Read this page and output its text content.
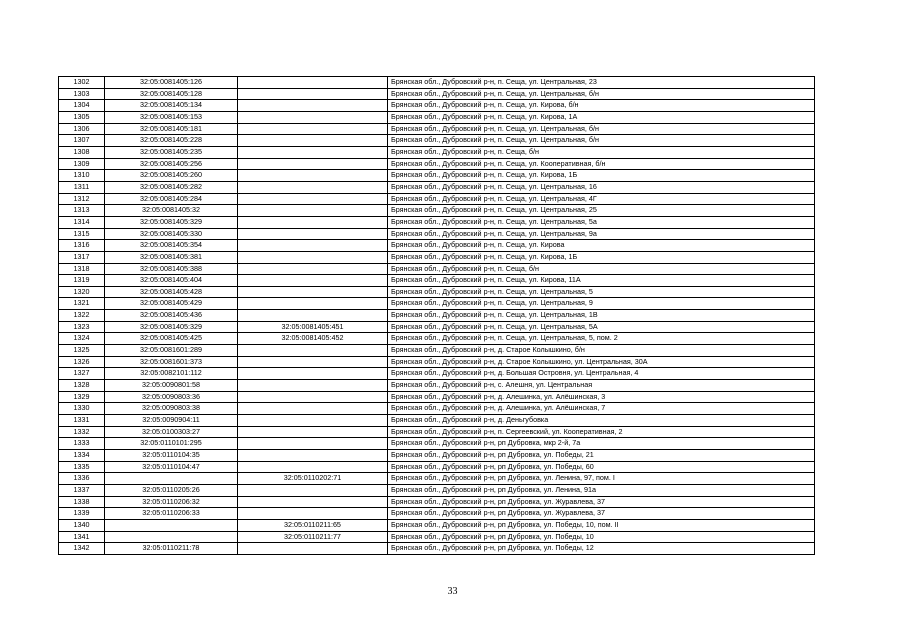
1302	32:05:0081405:126		Брянская обл., Дубровский р-н, п. Сеща, ул. Центральная, 23
1303	32:05:0081405:128		Брянская обл., Дубровский р-н, п. Сеща, ул. Центральная, б/н
1304	32:05:0081405:134		Брянская обл., Дубровский р-н, п. Сеща, ул. Кирова, б/н
1305	32:05:0081405:153		Брянская обл., Дубровский р-н, п. Сеща, ул. Кирова, 1А
1306	32:05:0081405:181		Брянская обл., Дубровский р-н, п. Сеща, ул. Центральная, б/н
1307	32:05:0081405:228		Брянская обл., Дубровский р-н, п. Сеща, ул. Центральная, б/н
1308	32:05:0081405:235		Брянская обл., Дубровский р-н, п. Сеща, б/н
1309	32:05:0081405:256		Брянская обл., Дубровский р-н, п. Сеща, ул. Кооперативная, б/н
1310	32:05:0081405:260		Брянская обл., Дубровский р-н, п. Сеща, ул. Кирова, 1Б
1311	32:05:0081405:282		Брянская обл., Дубровский р-н, п. Сеща, ул. Центральная, 16
1312	32:05:0081405:284		Брянская обл., Дубровский р-н, п. Сеща, ул. Центральная, 4Г
1313	32:05:0081405:32		Брянская обл., Дубровский р-н, п. Сеща, ул. Центральная, 25
1314	32:05:0081405:329		Брянская обл., Дубровский р-н, п. Сеща, ул. Центральная, 5а
1315	32:05:0081405:330		Брянская обл., Дубровский р-н, п. Сеща, ул. Центральная, 9а
1316	32:05:0081405:354		Брянская обл., Дубровский р-н, п. Сеща, ул. Кирова
1317	32:05:0081405:381		Брянская обл., Дубровский р-н, п. Сеща, ул. Кирова, 1Б
1318	32:05:0081405:388		Брянская обл., Дубровский р-н, п. Сеща, б/н
1319	32:05:0081405:404		Брянская обл., Дубровский р-н, п. Сеща, ул. Кирова, 11А
1320	32:05:0081405:428		Брянская обл., Дубровский р-н, п. Сеща, ул. Центральная, 5
1321	32:05:0081405:429		Брянская обл., Дубровский р-н, п. Сеща, ул. Центральная, 9
1322	32:05:0081405:436		Брянская обл., Дубровский р-н, п. Сеща, ул. Центральная, 1В
1323	32:05:0081405:329	32:05:0081405:451	Брянская обл., Дубровский р-н, п. Сеща, ул. Центральная, 5А
1324	32:05:0081405:425	32:05:0081405:452	Брянская обл., Дубровский р-н, п. Сеща, ул. Центральная, 5, пом. 2
1325	32:05:0081601:289		Брянская обл., Дубровский р-н, д. Старое Колышкино, б/н
1326	32:05:0081601:373		Брянская обл., Дубровский р-н, д. Старое Колышкино, ул. Центральная, 30А
1327	32:05:0082101:112		Брянская обл., Дубровский р-н, д. Большая Островня, ул. Центральная, 4
1328	32:05:0090801:58		Брянская обл., Дубровский р-н, с. Алешня, ул. Центральная
1329	32:05:0090803:36		Брянская обл., Дубровский р-н, д. Алешинка, ул. Алёшинская, 3
1330	32:05:0090803:38		Брянская обл., Дубровский р-н, д. Алешинка, ул. Алёшинская, 7
1331	32:05:0090904:11		Брянская обл., Дубровский р-н, д. Деньгубовка
1332	32:05:0100303:27		Брянская обл., Дубровский р-н, п. Сергеевский, ул. Кооперативная, 2
1333	32:05:0110101:295		Брянская обл., Дубровский р-н, рп Дубровка, мкр 2-й, 7а
1334	32:05:0110104:35		Брянская обл., Дубровский р-н, рп Дубровка, ул. Победы, 21
1335	32:05:0110104:47		Брянская обл., Дубровский р-н, рп Дубровка, ул. Победы, 60
1336		32:05:0110202:71	Брянская обл., Дубровский р-н, рп Дубровка, ул. Ленина, 97, пом. I
1337	32:05:0110205:26		Брянская обл., Дубровский р-н, рп Дубровка, ул. Ленина, 91а
1338	32:05:0110206:32		Брянская обл., Дубровский р-н, рп Дубровка, ул. Журавлева, 37
1339	32:05:0110206:33		Брянская обл., Дубровский р-н, рп Дубровка, ул. Журавлева, 37
1340		32:05:0110211:65	Брянская обл., Дубровский р-н, рп Дубровка, ул. Победы, 10, пом. II
1341		32:05:0110211:77	Брянская обл., Дубровский р-н, рп Дубровка, ул. Победы, 10
1342	32:05:0110211:78		Брянская обл., Дубровский р-н, рп Дубровка, ул. Победы, 12
33
